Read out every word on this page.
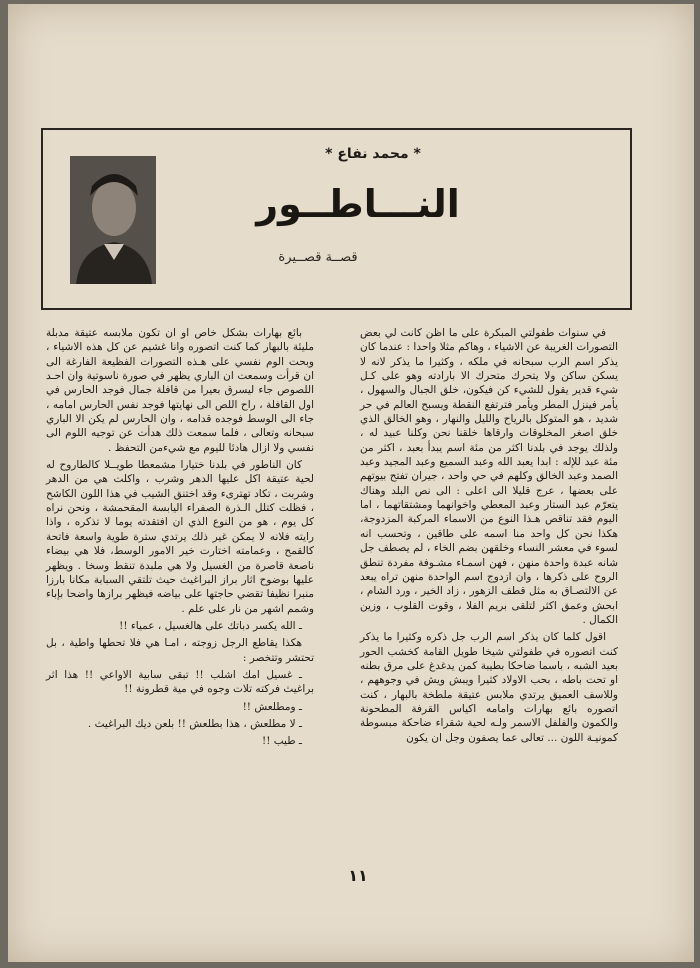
* محمد نفاع *
النـــاطــور
قصــة قصــيرة

في سنوات طفولتي المبكرة على ما اظن كانت لي بعض التصورات الغريبة عن الاشياء ، وهاكم مثلا واحدا : عندما كان يذكر اسم الرب سبحانه في ملكه ، وكثيرا ما يذكر لانه لا يسكن ساكن ولا يتحرك متحرك الا بارادته وهو على كـل شيء قدير يقول للشيء كن فيكون، خلق الجبال والسهول ، يأمر فينزل المطر ويأمر فترتفع النقطة ويسبح العالم في حر شديد ، هو المتوكل بالرياح والليل والنهار ، وهو الخالق الذي خلق اصغر المخلوقات وارقاها خلقنا نحن وكلنا عبيد له ، ولذلك يوجد في بلدنا اكثر من مئة اسم يبدأ بعبد ، اكثر من مئة عبد للإله : ابدا يعبد الله وعبد السميع وعبد المجيد وعبد الصمد وعبد الخالق وكلهم في حي واحد ، جيران تفتح بيوتهم على بعضها ، عرج قليلا الى اعلى : الى نص البلد وهناك يتعرّم عبد الستار وعبد المعطي واخوانهما ومشتقاتهما ، اما اليوم فقد تناقص هـذا النوع من الاسماء المركبة المزدوجة، هكذا نحن كل واحد منا اسمه على طاقين ، وتحسب انه لسوء في معشر النساء وخلقهن بضم الخاء ، لم يصطف جل شانه عبدة واحدة منهن ، فهن اسمـاء مشـوفة مفردة تنطق الروح على ذكرها ، وان ازدوج اسم الواحدة منهن تراه يبعد عن الالتصـاق به مثل قطف الزهور ، زاد الخير ، ورد الشام ، ابحش وعمق اكثر لتلقى بريم الفلا ، وقوت القلوب ، وزين الكمال .

اقول كلما كان يذكر اسم الرب جل ذكره وكثيرا ما يذكر كنت اتصوره في طفولتي شيخا طويل القامة كخشب الحور بعيد الشبه ، باسما ضاحكا بطيبة كمن يدغدغ على مرق بطنه او تحت باطه ، بحب الاولاد كثيرا ويبش ويش في وجوههم ، وللاسف العميق يرتدي ملابس عتيقة ملطخة بالبهار ، كنت اتصوره بائع بهارات وامامه اكياس القرفة المطحونة والكمون والفلفل الاسمر ولـه لحية شقراء ضاحكة مبسوطة كمونيـة اللون ... تعالى عما يصفون وجل ان يكون

بائع بهارات بشكل خاص او ان تكون ملابسه عتيقة مدبلة مليئة بالبهار كما كنت اتصوره وانا غشيم عن كل هذه الاشياء ، وبحت الوم نفسي على هـذه التصورات الفظيعة الفارغة الى ان قرأت وسمعت ان الباري يظهر في صورة ناسوتية وان احـد اللصوص جاء ليسرق بعيرا من قافلة جمال فوجد الحارس في اول القافلة ، راح اللص الى نهايتها فوجد نفس الحارس امامه ، جاء الى الوسط فوجده قدامه ، وان الحارس لم يكن الا الباري سبحانه وتعالى ، فلما سمعت ذلك هدأت عن توجيه اللوم الى نفسي ولا ازال هادئا لليوم مع شيءمن التحفظ .

كان الناطور في بلدنا ختيارا مشمعطا طويــلا كالطاروح له لحية عتيقة اكل عليها الدهر وشرب ، واكلت هي من الدهر وشربت ، تكاد تهترىء وقد اختنق الشيب في هذا اللون الكاشح ، فظلت كتلل الـذرة الصفراء اليابسة المقحمشة ، ونحن نراه كل يوم ، هو من النوع الذي ان افتقدته يوما لا تذكره ، واذا رايته فلانه لا يمكن غير ذلك يرتدي سترة طوية واسعة فاتحة كالقمح ، وعمامته اختارت خير الامور الوسط، فلا هي بيضاء ناصعة قاصرة من الغسيل ولا هي ملبدة تنقط وسخا . ويظهر عليها بوضوح اثار براز البراغيث حيث تلتقي السبابة مكانا بارزا منبرا نظيفا تقضي حاجتها على بياضه فيظهر برازها واضحا بإباء وشمم اشهر من نار على علم .

ـ الله يكسر دباتك على هالغسيل ، عمياء !!

هكذا يقاطع الرجل زوجته ، امـا هي فلا تحطها واطية ، بل تحتشر وتتخصر :

ـ غسيل امك اشلب !! تبقى سابية الاواعي !! هذا اثر براغيث فركته تلات وجوه في مية قطرونة !!

ـ ومطلعش !!

ـ لا مطلعش ، هذا بطلعش !! بلعن ديك البراغيث .

ـ طيب !!

١١
